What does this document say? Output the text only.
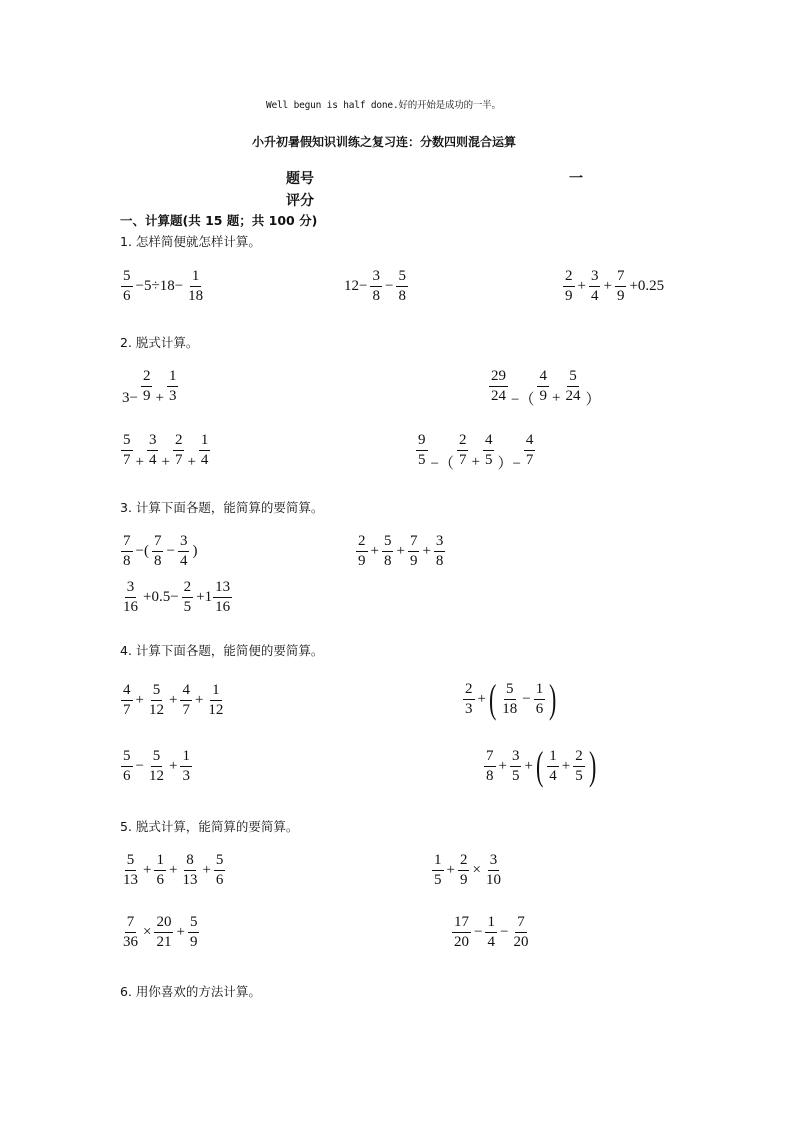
Well begun is half done.好的开始是成功的一半。
小升初暑假知识训练之复习连：分数四则混合运算
题号	一
评分
一、计算题(共 15 题；共 100 分)
1. 怎样简便就怎样计算。
$\frac{5}{6} -5\div 18- \frac{1}{18}$	$12- \frac{3}{8} - \frac{5}{8}$	$\frac{2}{9} + \frac{3}{4} + \frac{7}{9} +0.25$
2. 脱式计算。
$3- \frac{2}{9} + \frac{1}{3}$	$\frac{29}{24}$ −（ $\frac{4}{9} + \frac{5}{24}$ ）
$\frac{5}{7} + \frac{3}{4} + \frac{2}{7} + \frac{1}{4}$	$\frac{9}{5}$ −（ $\frac{2}{7} + \frac{4}{5}$ ）− $\frac{4}{7}$
3. 计算下面各题，能简算的要简算。
$\frac{7}{8}$ −( $\frac{7}{8} - \frac{3}{4}$ )	$\frac{2}{9} + \frac{5}{8} + \frac{7}{9} + \frac{3}{8}$
$\frac{3}{16} +0.5- \frac{2}{5} +1 \frac{13}{16}$
4. 计算下面各题，能简便的要简算。
$\frac{4}{7} + \frac{5}{12} + \frac{4}{7} + \frac{1}{12}$	$\frac{2}{3}$ + ( $\frac{5}{18} - \frac{1}{6}$ )
$\frac{5}{6} - \frac{5}{12} + \frac{1}{3}$	$\frac{7}{8} + \frac{3}{5}$ + ( $\frac{1}{4} + \frac{2}{5}$ )
5. 脱式计算，能简算的要简算。
$\frac{5}{13} + \frac{1}{6} + \frac{8}{13} + \frac{5}{6}$	$\frac{1}{5} + \frac{2}{9} \times \frac{3}{10}$
$\frac{7}{36} \times \frac{20}{21} + \frac{5}{9}$	$\frac{17}{20} - \frac{1}{4} - \frac{7}{20}$
6. 用你喜欢的方法计算。
